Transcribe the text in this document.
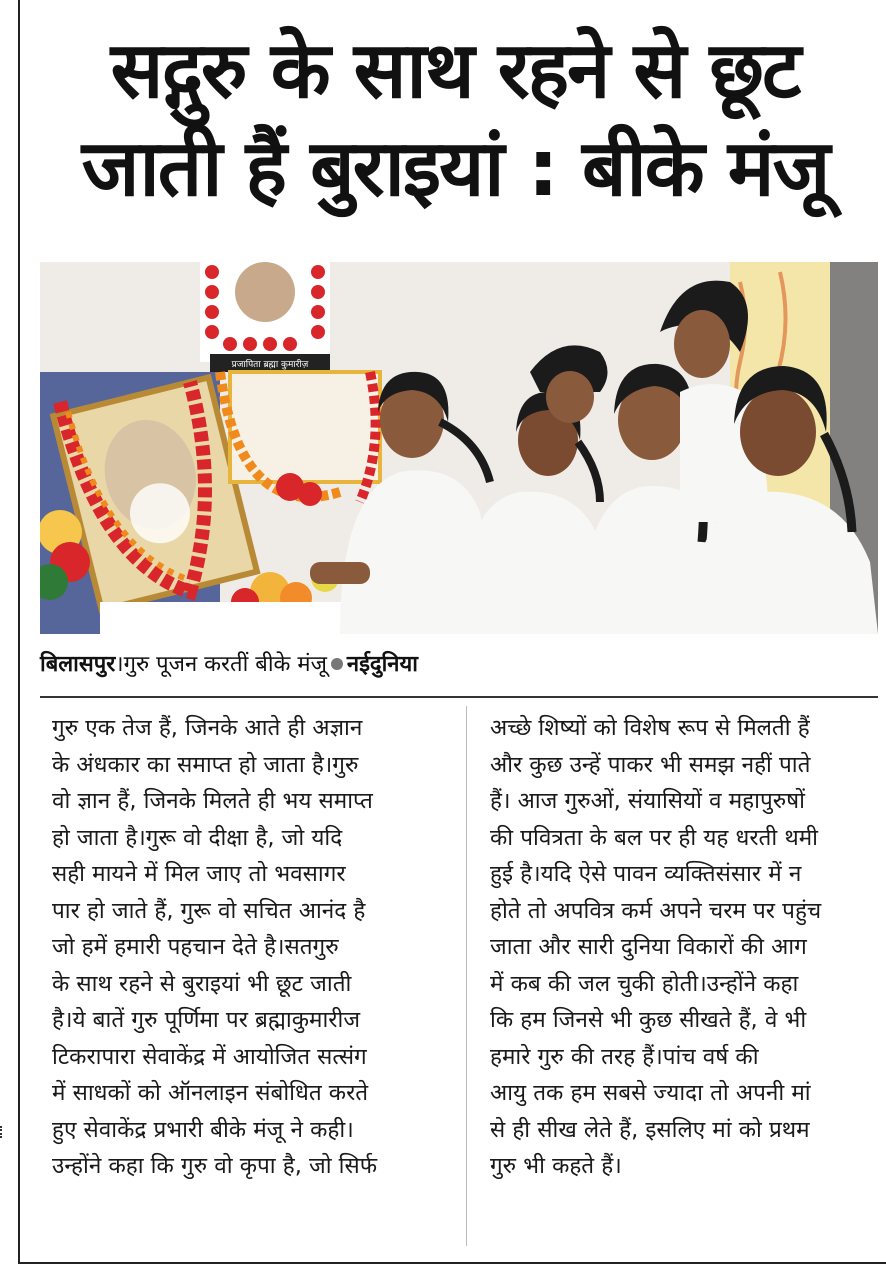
सद्गुरु के साथ रहने से छूट
जाती हैं बुराइयां : बीके मंजू
प्रजापिता ब्रह्मा कुमारीज़
बिलासपुर।गुरु पूजन करतीं बीके मंजू नईदुनिया
गुरु एक तेज हैं, जिनके आते ही अज्ञान
के अंधकार का समाप्त हो जाता है।गुरु
वो ज्ञान हैं, जिनके मिलते ही भय समाप्त
हो जाता है।गुरू वो दीक्षा है, जो यदि
सही मायने में मिल जाए तो भवसागर
पार हो जाते हैं, गुरू वो सचित आनंद है
जो हमें हमारी पहचान देते है।सतगुरु
के साथ रहने से बुराइयां भी छूट जाती
है।ये बातें गुरु पूर्णिमा पर ब्रह्माकुमारीज
टिकरापारा सेवाकेंद्र में आयोजित सत्संग
में साधकों को ऑनलाइन संबोधित करते
हुए सेवाकेंद्र प्रभारी बीके मंजू ने कही।
उन्होंने कहा कि गुरु वो कृपा है, जो सिर्फ
अच्छे शिष्यों को विशेष रूप से मिलती हैं
और कुछ उन्हें पाकर भी समझ नहीं पाते
हैं। आज गुरुओं, संयासियों व महापुरुषों
की पवित्रता के बल पर ही यह धरती थमी
हुई है।यदि ऐसे पावन व्यक्तिसंसार में न
होते तो अपवित्र कर्म अपने चरम पर पहुंच
जाता और सारी दुनिया विकारों की आग
में कब की जल चुकी होती।उन्होंने कहा
कि हम जिनसे भी कुछ सीखते हैं, वे भी
हमारे गुरु की तरह हैं।पांच वर्ष की
आयु तक हम सबसे ज्यादा तो अपनी मां
से ही सीख लेते हैं, इसलिए मां को प्रथम
गुरु भी कहते हैं।
